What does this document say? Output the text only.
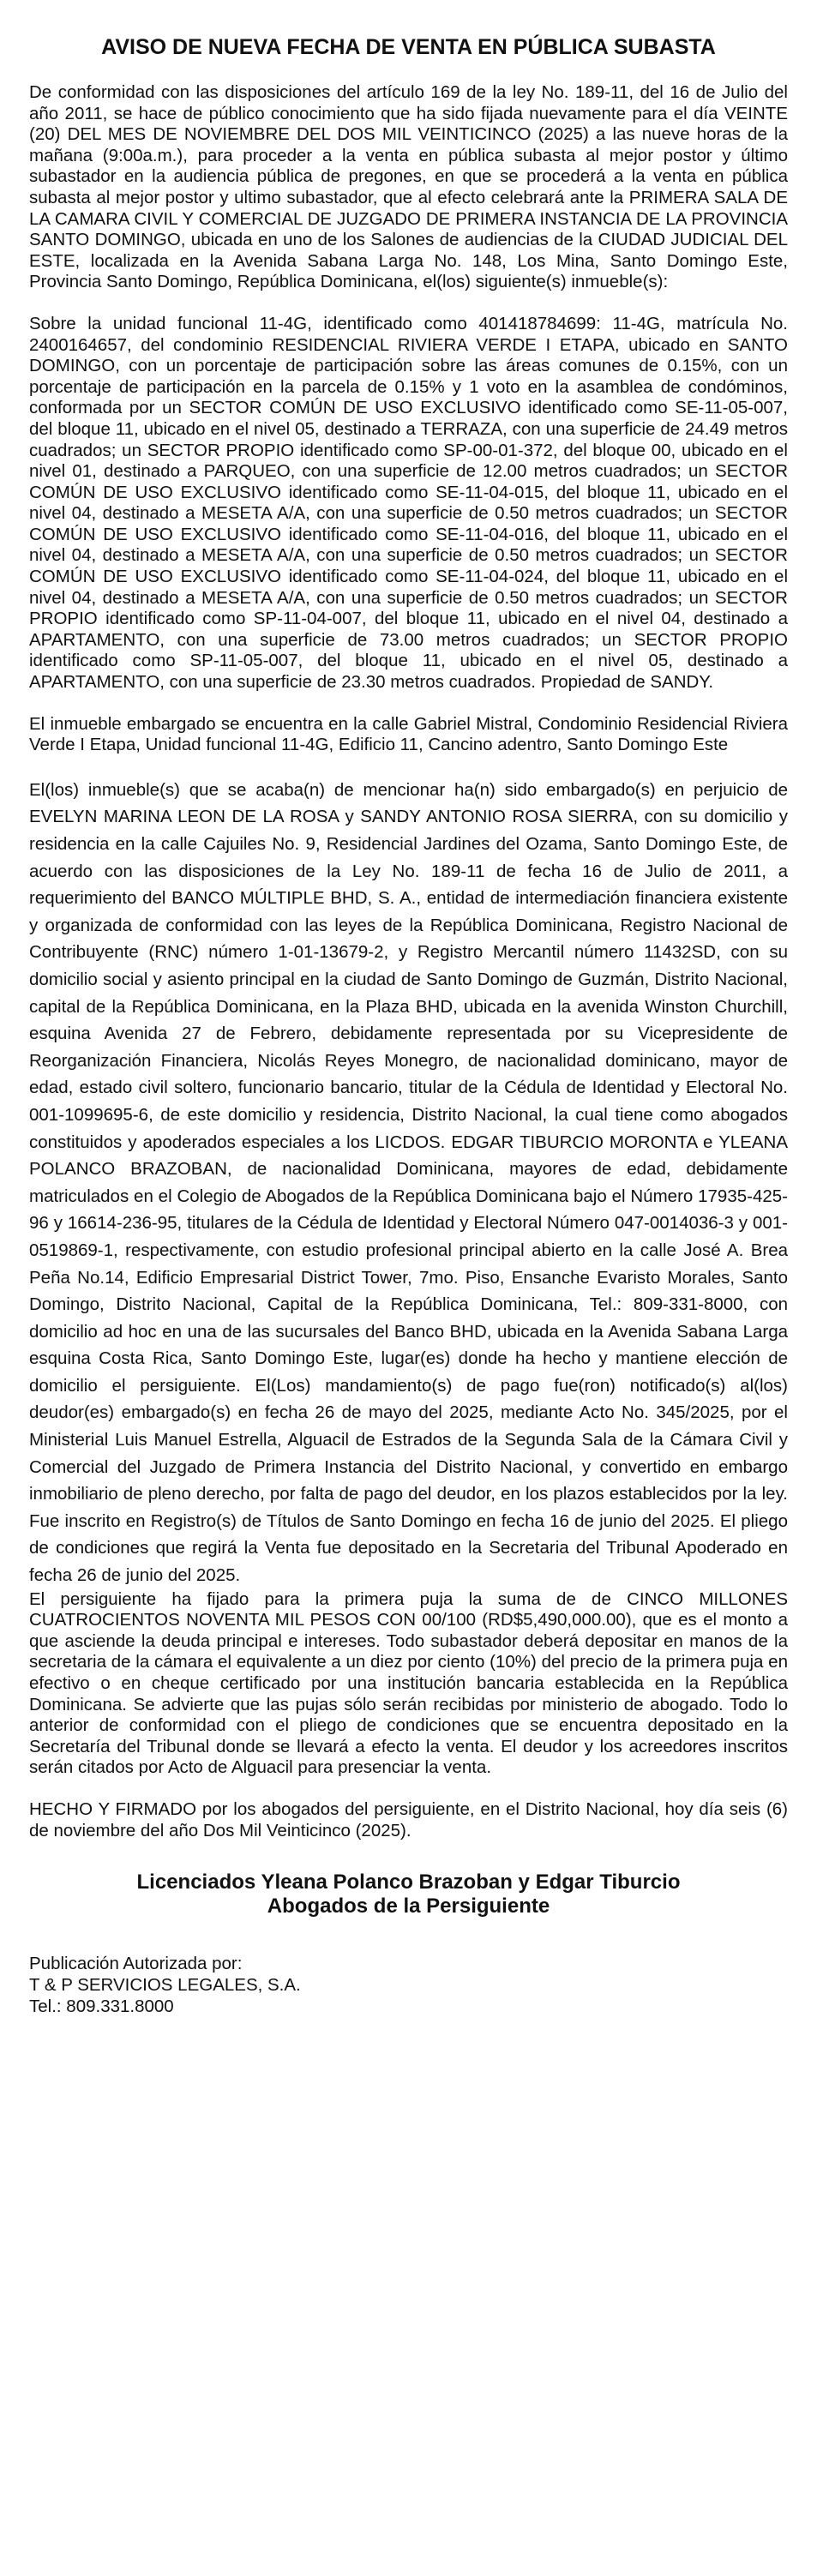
AVISO DE NUEVA FECHA DE VENTA EN PÚBLICA SUBASTA

De conformidad con las disposiciones del artículo 169 de la ley No. 189-11, del 16 de Julio del año 2011, se hace de público conocimiento que ha sido fijada nuevamente para el día VEINTE (20) DEL MES DE NOVIEMBRE DEL DOS MIL VEINTICINCO (2025) a las nueve horas de la mañana (9:00a.m.), para proceder a la venta en pública subasta al mejor postor y último subastador en la audiencia pública de pregones, en que se procederá a la venta en pública subasta al mejor postor y ultimo subastador, que al efecto celebrará ante la PRIMERA SALA DE LA CAMARA CIVIL Y COMERCIAL DE JUZGADO DE PRIMERA INSTANCIA DE LA PROVINCIA SANTO DOMINGO, ubicada en uno de los Salones de audiencias de la CIUDAD JUDICIAL DEL ESTE, localizada en la Avenida Sabana Larga No. 148, Los Mina, Santo Domingo Este, Provincia Santo Domingo, República Dominicana, el(los) siguiente(s) inmueble(s):

Sobre la unidad funcional 11-4G, identificado como 401418784699: 11-4G, matrícula No. 2400164657, del condominio RESIDENCIAL RIVIERA VERDE I ETAPA, ubicado en SANTO DOMINGO, con un porcentaje de participación sobre las áreas comunes de 0.15%, con un porcentaje de participación en la parcela de 0.15% y 1 voto en la asamblea de condóminos, conformada por un SECTOR COMÚN DE USO EXCLUSIVO identificado como SE-11-05-007, del bloque 11, ubicado en el nivel 05, destinado a TERRAZA, con una superficie de 24.49 metros cuadrados; un SECTOR PROPIO identificado como SP-00-01-372, del bloque 00, ubicado en el nivel 01, destinado a PARQUEO, con una superficie de 12.00 metros cuadrados; un SECTOR COMÚN DE USO EXCLUSIVO identificado como SE-11-04-015, del bloque 11, ubicado en el nivel 04, destinado a MESETA A/A, con una superficie de 0.50 metros cuadrados; un SECTOR COMÚN DE USO EXCLUSIVO identificado como SE-11-04-016, del bloque 11, ubicado en el nivel 04, destinado a MESETA A/A, con una superficie de 0.50 metros cuadrados; un SECTOR COMÚN DE USO EXCLUSIVO identificado como SE-11-04-024, del bloque 11, ubicado en el nivel 04, destinado a MESETA A/A, con una superficie de 0.50 metros cuadrados; un SECTOR PROPIO identificado como SP-11-04-007, del bloque 11, ubicado en el nivel 04, destinado a APARTAMENTO, con una superficie de 73.00 metros cuadrados; un SECTOR PROPIO identificado como SP-11-05-007, del bloque 11, ubicado en el nivel 05, destinado a APARTAMENTO, con una superficie de 23.30 metros cuadrados. Propiedad de SANDY.

El inmueble embargado se encuentra en la calle Gabriel Mistral, Condominio Residencial Riviera Verde I Etapa, Unidad funcional 11-4G, Edificio 11, Cancino adentro, Santo Domingo Este

El(los) inmueble(s) que se acaba(n) de mencionar ha(n) sido embargado(s) en perjuicio de EVELYN MARINA LEON DE LA ROSA y SANDY ANTONIO ROSA SIERRA, con su domicilio y residencia en la calle Cajuiles No. 9, Residencial Jardines del Ozama, Santo Domingo Este, de acuerdo con las disposiciones de la Ley No. 189-11 de fecha 16 de Julio de 2011, a requerimiento del BANCO MÚLTIPLE BHD, S. A., entidad de intermediación financiera existente y organizada de conformidad con las leyes de la República Dominicana, Registro Nacional de Contribuyente (RNC) número 1-01-13679-2, y Registro Mercantil número 11432SD, con su domicilio social y asiento principal en la ciudad de Santo Domingo de Guzmán, Distrito Nacional, capital de la República Dominicana, en la Plaza BHD, ubicada en la avenida Winston Churchill, esquina Avenida 27 de Febrero, debidamente representada por su Vicepresidente de Reorganización Financiera, Nicolás Reyes Monegro, de nacionalidad dominicano, mayor de edad, estado civil soltero, funcionario bancario, titular de la Cédula de Identidad y Electoral No. 001-1099695-6, de este domicilio y residencia, Distrito Nacional, la cual tiene como abogados constituidos y apoderados especiales a los LICDOS. EDGAR TIBURCIO MORONTA e YLEANA POLANCO BRAZOBAN, de nacionalidad Dominicana, mayores de edad, debidamente matriculados en el Colegio de Abogados de la República Dominicana bajo el Número 17935-425-96 y 16614-236-95, titulares de la Cédula de Identidad y Electoral Número 047-0014036-3 y 001-0519869-1, respectivamente, con estudio profesional principal abierto en la calle José A. Brea Peña No.14, Edificio Empresarial District Tower, 7mo. Piso, Ensanche Evaristo Morales, Santo Domingo, Distrito Nacional, Capital de la República Dominicana, Tel.: 809-331-8000, con domicilio ad hoc en una de las sucursales del Banco BHD, ubicada en la Avenida Sabana Larga esquina Costa Rica, Santo Domingo Este, lugar(es) donde ha hecho y mantiene elección de domicilio el persiguiente. El(Los) mandamiento(s) de pago fue(ron) notificado(s) al(los) deudor(es) embargado(s) en fecha 26 de mayo del 2025, mediante Acto No. 345/2025, por el Ministerial Luis Manuel Estrella, Alguacil de Estrados de la Segunda Sala de la Cámara Civil y Comercial del Juzgado de Primera Instancia del Distrito Nacional, y convertido en embargo inmobiliario de pleno derecho, por falta de pago del deudor, en los plazos establecidos por la ley. Fue inscrito en Registro(s) de Títulos de Santo Domingo en fecha 16 de junio del 2025. El pliego de condiciones que regirá la Venta fue depositado en la Secretaria del Tribunal Apoderado en fecha 26 de junio del 2025.

El persiguiente ha fijado para la primera puja la suma de de CINCO MILLONES CUATROCIENTOS NOVENTA MIL PESOS CON 00/100 (RD$5,490,000.00), que es el monto a que asciende la deuda principal e intereses. Todo subastador deberá depositar en manos de la secretaria de la cámara el equivalente a un diez por ciento (10%) del precio de la primera puja en efectivo o en cheque certificado por una institución bancaria establecida en la República Dominicana. Se advierte que las pujas sólo serán recibidas por ministerio de abogado. Todo lo anterior de conformidad con el pliego de condiciones que se encuentra depositado en la Secretaría del Tribunal donde se llevará a efecto la venta. El deudor y los acreedores inscritos serán citados por Acto de Alguacil para presenciar la venta.

HECHO Y FIRMADO por los abogados del persiguiente, en el Distrito Nacional, hoy día seis (6) de noviembre del año Dos Mil Veinticinco (2025).

Licenciados Yleana Polanco Brazoban y Edgar Tiburcio
Abogados de la Persiguiente
Publicación Autorizada por:
T & P SERVICIOS LEGALES, S.A.
Tel.: 809.331.8000
